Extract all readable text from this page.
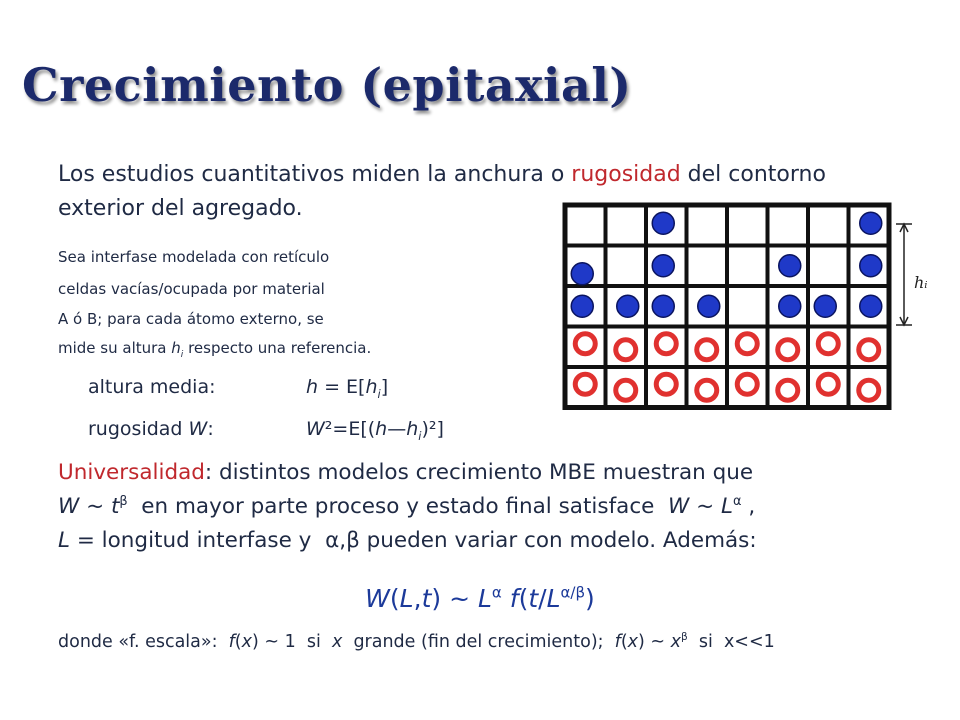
Crecimiento (epitaxial)
Los estudios cuantitativos miden la anchura o rugosidad del contorno exterior del agregado.
Sea interfase modelada con retículo
celdas vacías/ocupada por material
A ó B; para cada átomo externo, se
mide su altura $h_i$ respecto una referencia.
altura media:	$h = E[h_i]$
rugosidad W:	$W^2=E[(h—h_i)^2]$
Universalidad: distintos modelos crecimiento MBE muestran que
W ~ $t^\beta$  en mayor parte proceso y estado final satisface  W ~ $L^\alpha$ ,
L = longitud interfase y  α,β pueden variar con modelo. Además:
W(L,t) ~ $L^\alpha$ $f(t/L^{\alpha/\beta})$
donde «f. escala»:  f(x) ~ 1  si  x  grande (fin del crecimiento);  f(x) ~ $x^\beta$  si  x<<1
hᵢ
